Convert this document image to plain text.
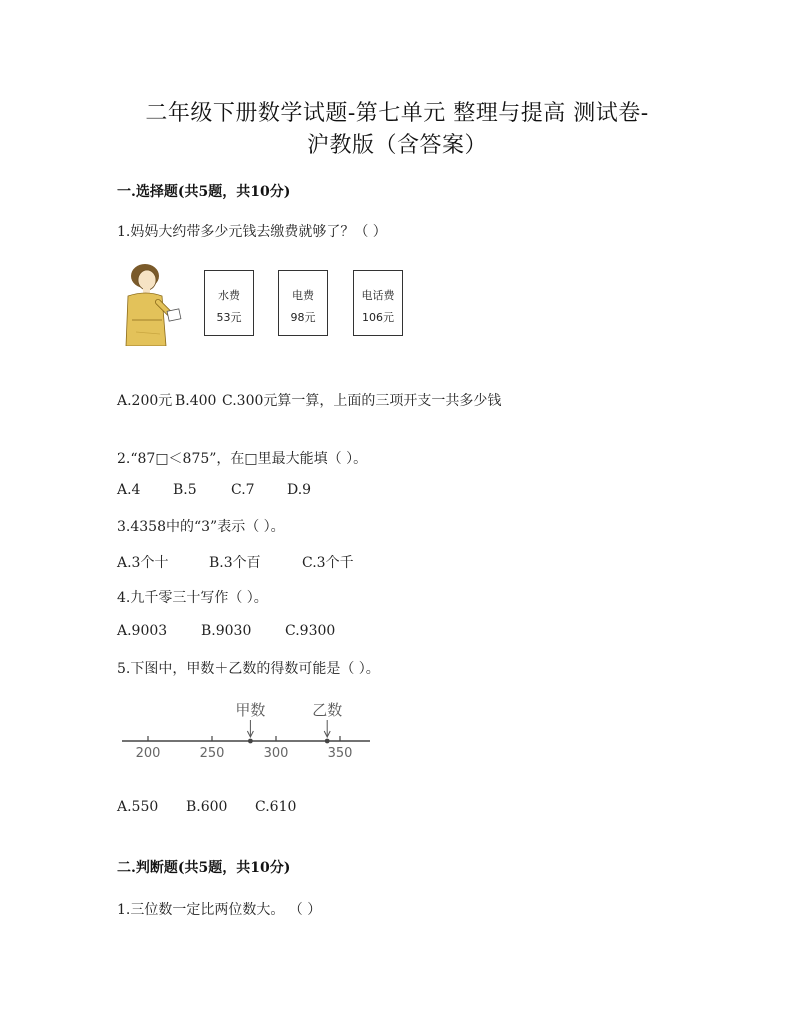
二年级下册数学试题-第七单元 整理与提高 测试卷-
沪教版（含答案）
一.选择题(共5题，共10分)
1.妈妈大约带多少元钱去缴费就够了？（ ）
水费
53元
电费
98元
电话费
106元
A.200元 B.400 C.300元算一算，上面的三项开支一共多少钱
2.“87□＜875”，在□里最大能填（ ）。
A.4 B.5 C.7 D.9
3.4358中的“3”表示（ ）。
A.3个十	B.3个百	C.3个千
4.九千零三十写作（ ）。
A.9003 B.9030 C.9300
5.下图中，甲数＋乙数的得数可能是（ ）。
200	250	300	350
甲数	乙数
A.550 B.600 C.610
二.判断题(共5题，共10分)
1.三位数一定比两位数大。 （ ）
